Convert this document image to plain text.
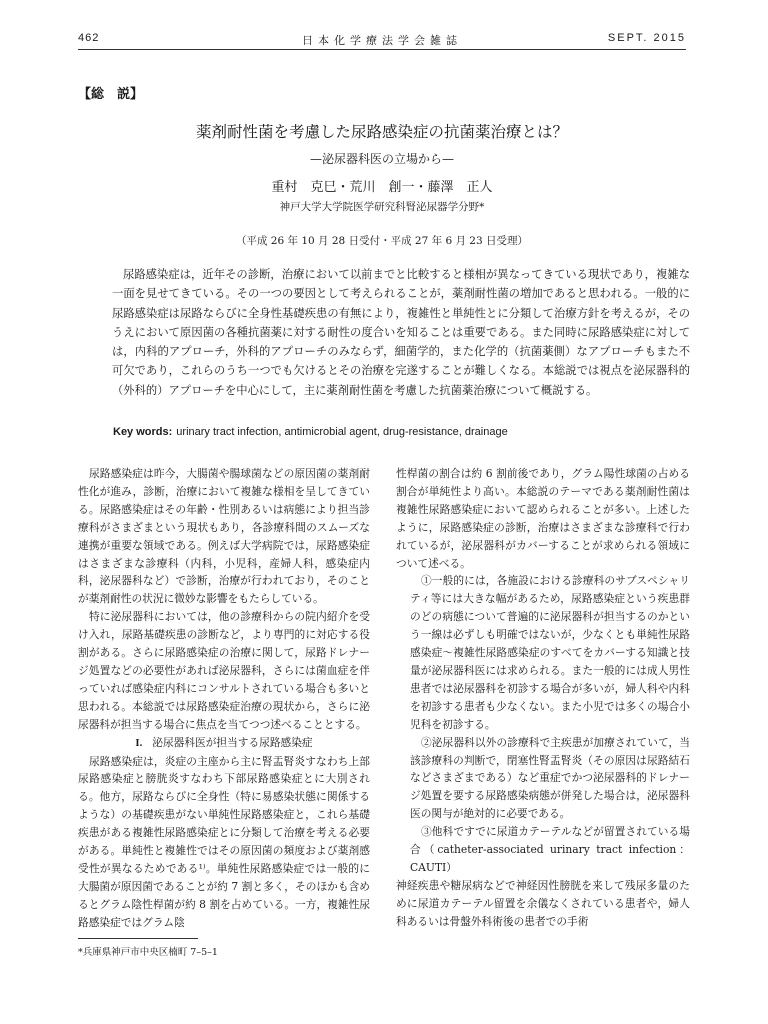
462	日本化学療法学会雑誌	SEPT. 2015
【総　説】
薬剤耐性菌を考慮した尿路感染症の抗菌薬治療とは？
—泌尿器科医の立場から—
重村　克巳・荒川　創一・藤澤　正人
神戸大学大学院医学研究科腎泌尿器学分野*
（平成 26 年 10 月 28 日受付・平成 27 年 6 月 23 日受理）

尿路感染症は，近年その診断，治療において以前までと比較すると様相が異なってきている現状であり，複雑な一面を見せてきている。その一つの要因として考えられることが，薬剤耐性菌の増加であると思われる。一般的に尿路感染症は尿路ならびに全身性基礎疾患の有無により，複雑性と単純性とに分類して治療方針を考えるが，そのうえにおいて原因菌の各種抗菌薬に対する耐性の度合いを知ることは重要である。また同時に尿路感染症に対しては，内科的アプローチ，外科的アプローチのみならず，細菌学的，また化学的（抗菌薬側）なアプローチもまた不可欠であり，これらのうち一つでも欠けるとその治療を完遂することが難しくなる。本総説では視点を泌尿器科的（外科的）アプローチを中心にして，主に薬剤耐性菌を考慮した抗菌薬治療について概説する。

Key words: urinary tract infection, antimicrobial agent, drug-resistance, drainage

尿路感染症は昨今，大腸菌や腸球菌などの原因菌の薬剤耐性化が進み，診断，治療において複雑な様相を呈してきている。尿路感染症はその年齢・性別あるいは病態により担当診療科がさまざまという現状もあり，各診療科間のスムーズな連携が重要な領域である。例えば大学病院では，尿路感染症はさまざまな診療科（内科，小児科，産婦人科，感染症内科，泌尿器科など）で診断，治療が行われており，そのことが薬剤耐性の状況に微妙な影響をもたらしている。

特に泌尿器科においては，他の診療科からの院内紹介を受け入れ，尿路基礎疾患の診断など，より専門的に対応する役割がある。さらに尿路感染症の治療に関して，尿路ドレナージ処置などの必要性があれば泌尿器科，さらには菌血症を伴っていれば感染症内科にコンサルトされている場合も多いと思われる。本総説では尿路感染症治療の現状から，さらに泌尿器科が担当する場合に焦点を当てつつ述べることとする。

I. 泌尿器科医が担当する尿路感染症

尿路感染症は，炎症の主座から主に腎盂腎炎すなわち上部尿路感染症と膀胱炎すなわち下部尿路感染症とに大別される。他方，尿路ならびに全身性（特に易感染状態に関係するような）の基礎疾患がない単純性尿路感染症と，これら基礎疾患がある複雑性尿路感染症とに分類して治療を考える必要がある。単純性と複雑性ではその原因菌の頻度および薬剤感受性が異なるためである¹⁾。単純性尿路感染症では一般的に大腸菌が原因菌であることが約 7 割と多く，そのほかも含めるとグラム陰性桿菌が約 8 割を占めている。一方，複雑性尿路感染症ではグラム陰

性桿菌の割合は約 6 割前後であり，グラム陽性球菌の占める割合が単純性より高い。本総説のテーマである薬剤耐性菌は複雑性尿路感染症において認められることが多い。上述したように，尿路感染症の診断，治療はさまざまな診療科で行われているが，泌尿器科がカバーすることが求められる領域について述べる。

①一般的には，各施設における診療科のサブスペシャリティ等には大きな幅があるため，尿路感染症という疾患群のどの病態について普遍的に泌尿器科が担当するのかという一線は必ずしも明確ではないが，少なくとも単純性尿路感染症～複雑性尿路感染症のすべてをカバーする知識と技量が泌尿器科医には求められる。また一般的には成人男性患者では泌尿器科を初診する場合が多いが，婦人科や内科を初診する患者も少なくない。また小児では多くの場合小児科を初診する。

②泌尿器科以外の診療科で主疾患が加療されていて，当該診療科の判断で，閉塞性腎盂腎炎（その原因は尿路結石などさまざまである）など重症でかつ泌尿器科的ドレナージ処置を要する尿路感染病態が併発した場合は，泌尿器科医の関与が絶対的に必要である。

③他科ですでに尿道カテーテルなどが留置されている場合（catheter-associated urinary tract infection：CAUTI）

神経疾患や糖尿病などで神経因性膀胱を来して残尿多量のために尿道カテーテル留置を余儀なくされている患者や，婦人科あるいは骨盤外科術後の患者での手術

*兵庫県神戸市中央区楠町 7–5–1
